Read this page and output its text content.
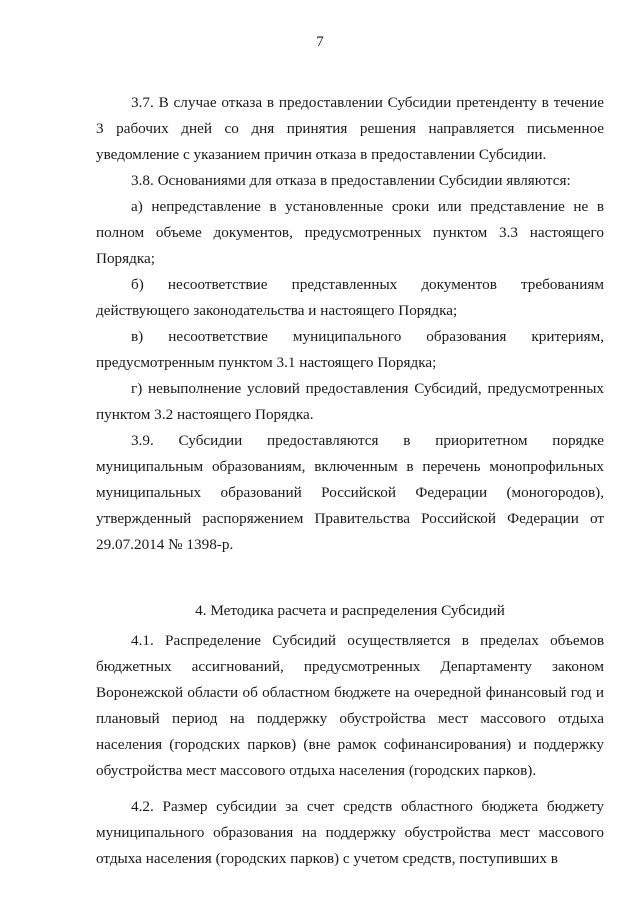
7

3.7. В случае отказа в предоставлении Субсидии претенденту в течение 3 рабочих дней со дня принятия решения направляется письменное уведомление с указанием причин отказа в предоставлении Субсидии.

3.8. Основаниями для отказа в предоставлении Субсидии являются:

а) непредставление в установленные сроки или представление не в полном объеме документов, предусмотренных пунктом 3.3 настоящего Порядка;

б) несоответствие представленных документов требованиям действующего законодательства и настоящего Порядка;

в) несоответствие муниципального образования критериям, предусмотренным пунктом 3.1 настоящего Порядка;

г) невыполнение условий предоставления Субсидий, предусмотренных пунктом 3.2 настоящего Порядка.

3.9. Субсидии предоставляются в приоритетном порядке муниципальным образованиям, включенным в перечень монопрофильных муниципальных образований Российской Федерации (моногородов), утвержденный распоряжением Правительства Российской Федерации от 29.07.2014 № 1398-р.

4. Методика расчета и распределения Субсидий

4.1. Распределение Субсидий осуществляется в пределах объемов бюджетных ассигнований, предусмотренных Департаменту законом Воронежской области об областном бюджете на очередной финансовый год и плановый период на поддержку обустройства мест массового отдыха населения (городских парков) (вне рамок софинансирования) и поддержку обустройства мест массового отдыха населения (городских парков).

4.2. Размер субсидии за счет средств областного бюджета бюджету муниципального образования на поддержку обустройства мест массового отдыха населения (городских парков) с учетом средств, поступивших в
